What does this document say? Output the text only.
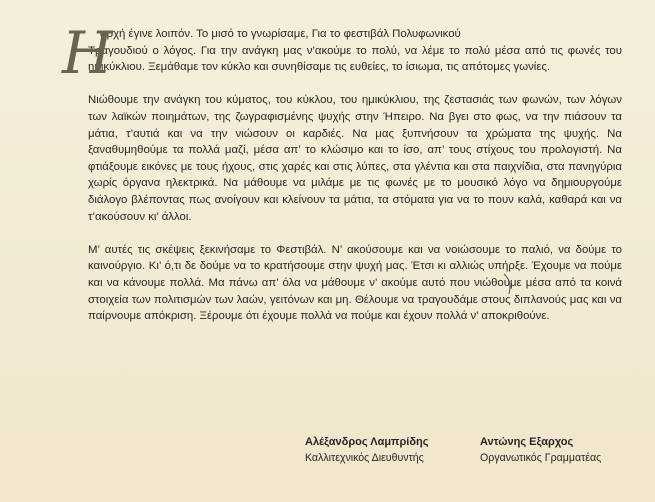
Η
αρχή έγινε λοιπόν. Το μισό το γνωρίσαμε, Για το φεστιβάλ Πολυφωνικού
Τραγουδιού ο λόγος. Για την ανάγκη μας ν’ακούμε το πολύ, να λέμε το πολύ μέσα από τις φωνές του ημικύκλιου. Ξεμάθαμε τον κύκλο και συνηθίσαμε τις ευθείες, το ίσιωμα, τις απότομες γωνίες.

Νιώθουμε την ανάγκη του κύματος, του κύκλου, του ημικύκλιου, της ζεστασιάς των φωνών, των λόγων των λαϊκών ποιημάτων, της ζωγραφισμένης ψυχής στην Ήπειρο. Να βγει στο φως, να την πιάσουν τα μάτια, τ’αυτιά και να την νιώσουν οι καρδιές. Να μας ξυπνήσουν τα χρώματα της ψυχής. Να ξαναθυμηθούμε τα πολλά μαζί, μέσα απ’ το κλώσιμο και το ίσο, απ’ τους στίχους του προλογιστή. Να φτιάξουμε εικόνες με τους ήχους, στις χαρές και στις λύπες, στα γλέντια και στα παιχνίδια, στα πανηγύρια χωρίς όργανα ηλεκτρικά. Να μάθουμε να μιλάμε με τις φωνές με το μουσικό λόγο να δημιουργούμε διάλογο βλέποντας πως ανοίγουν και κλείνουν τα μάτια, τα στόματα για να το πουν καλά, καθαρά και να τ’ακούσουν κι’ άλλοι.

Μ’ αυτές τις σκέψεις ξεκινήσαμε το Φεστιβάλ. Ν’ ακούσουμε και να νοιώσουμε το παλιό, να δούμε το καινούργιο. Κι’ ό,τι δε δούμε να το κρατήσουμε στην ψυχή μας. Έτσι κι αλλιώς υπήρξε. Έχουμε να πούμε και να κάνουμε πολλά. Μα πάνω απ’ όλα να μάθουμε ν’ ακούμε αυτό που νιώθουμε μέσα από τα κοινά στοιχεία των πολιτισμών των λαών, γειτόνων και μη. Θέλουμε να τραγουδάμε στους διπλανούς μας και να παίρνουμε απόκριση. Ξέρουμε ότι έχουμε πολλά να πούμε και έχουν πολλά ν’ αποκριθούνε.

Αλέξανδρος Λαμπρίδης
Καλλιτεχνικός Διευθυντής
Αντώνης Εξαρχος
Οργανωτικός Γραμματέας
